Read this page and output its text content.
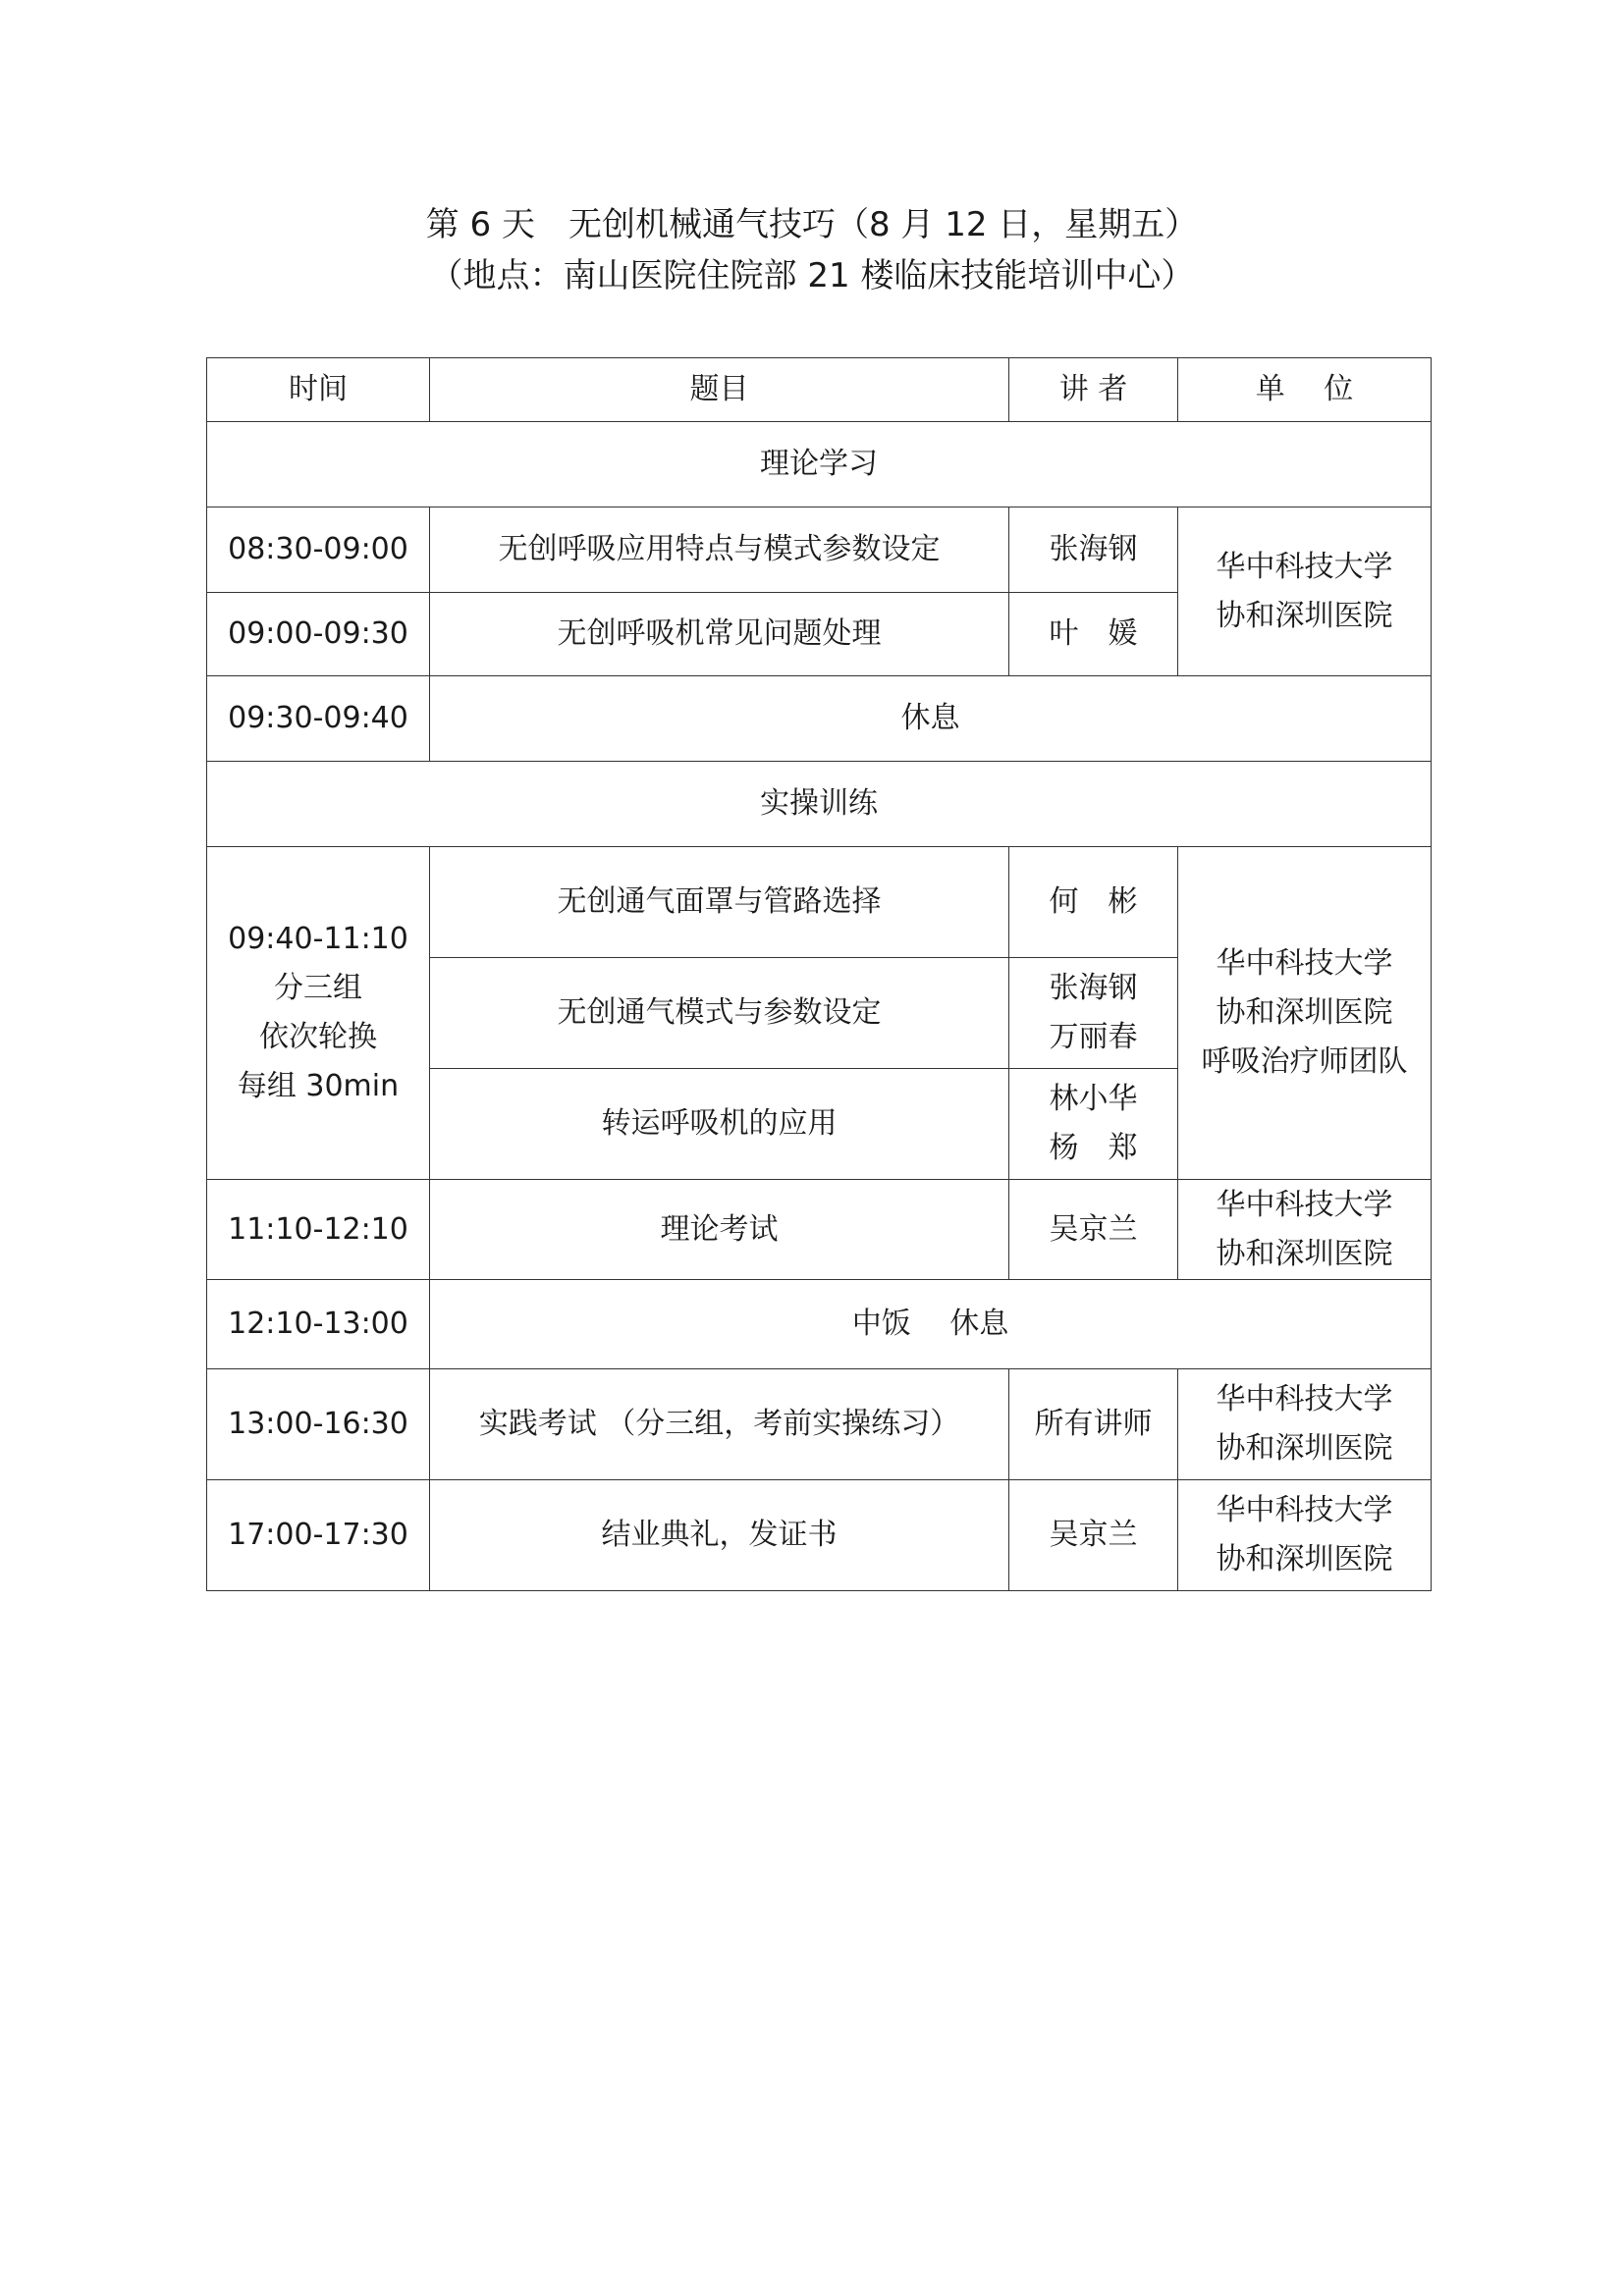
第 6 天　无创机械通气技巧（8 月 12 日，星期五）
（地点：南山医院住院部 21 楼临床技能培训中心）
时间	题目	讲 者	单　 位
理论学习			
08:30-09:00	无创呼吸应用特点与模式参数设定	张海钢	华中科技大学
协和深圳医院

09:00-09:30	无创呼吸机常见问题处理	叶　媛	
09:30-09:40	休息		
实操训练			

09:40-11:10
分三组
依次轮换
每组 30min	无创通气面罩与管路选择	何　彬	华中科技大学
协和深圳医院
呼吸治疗师团队

	无创通气模式与参数设定	张海钢
万丽春	

	转运呼吸机的应用	林小华
杨　郑	

11:10-12:10	理论考试	吴京兰	华中科技大学
协和深圳医院

12:10-13:00	中饭　 休息		
13:00-16:30	实践考试 （分三组，考前实操练习）	所有讲师	华中科技大学
协和深圳医院

17:00-17:30	结业典礼，发证书	吴京兰	华中科技大学
协和深圳医院
